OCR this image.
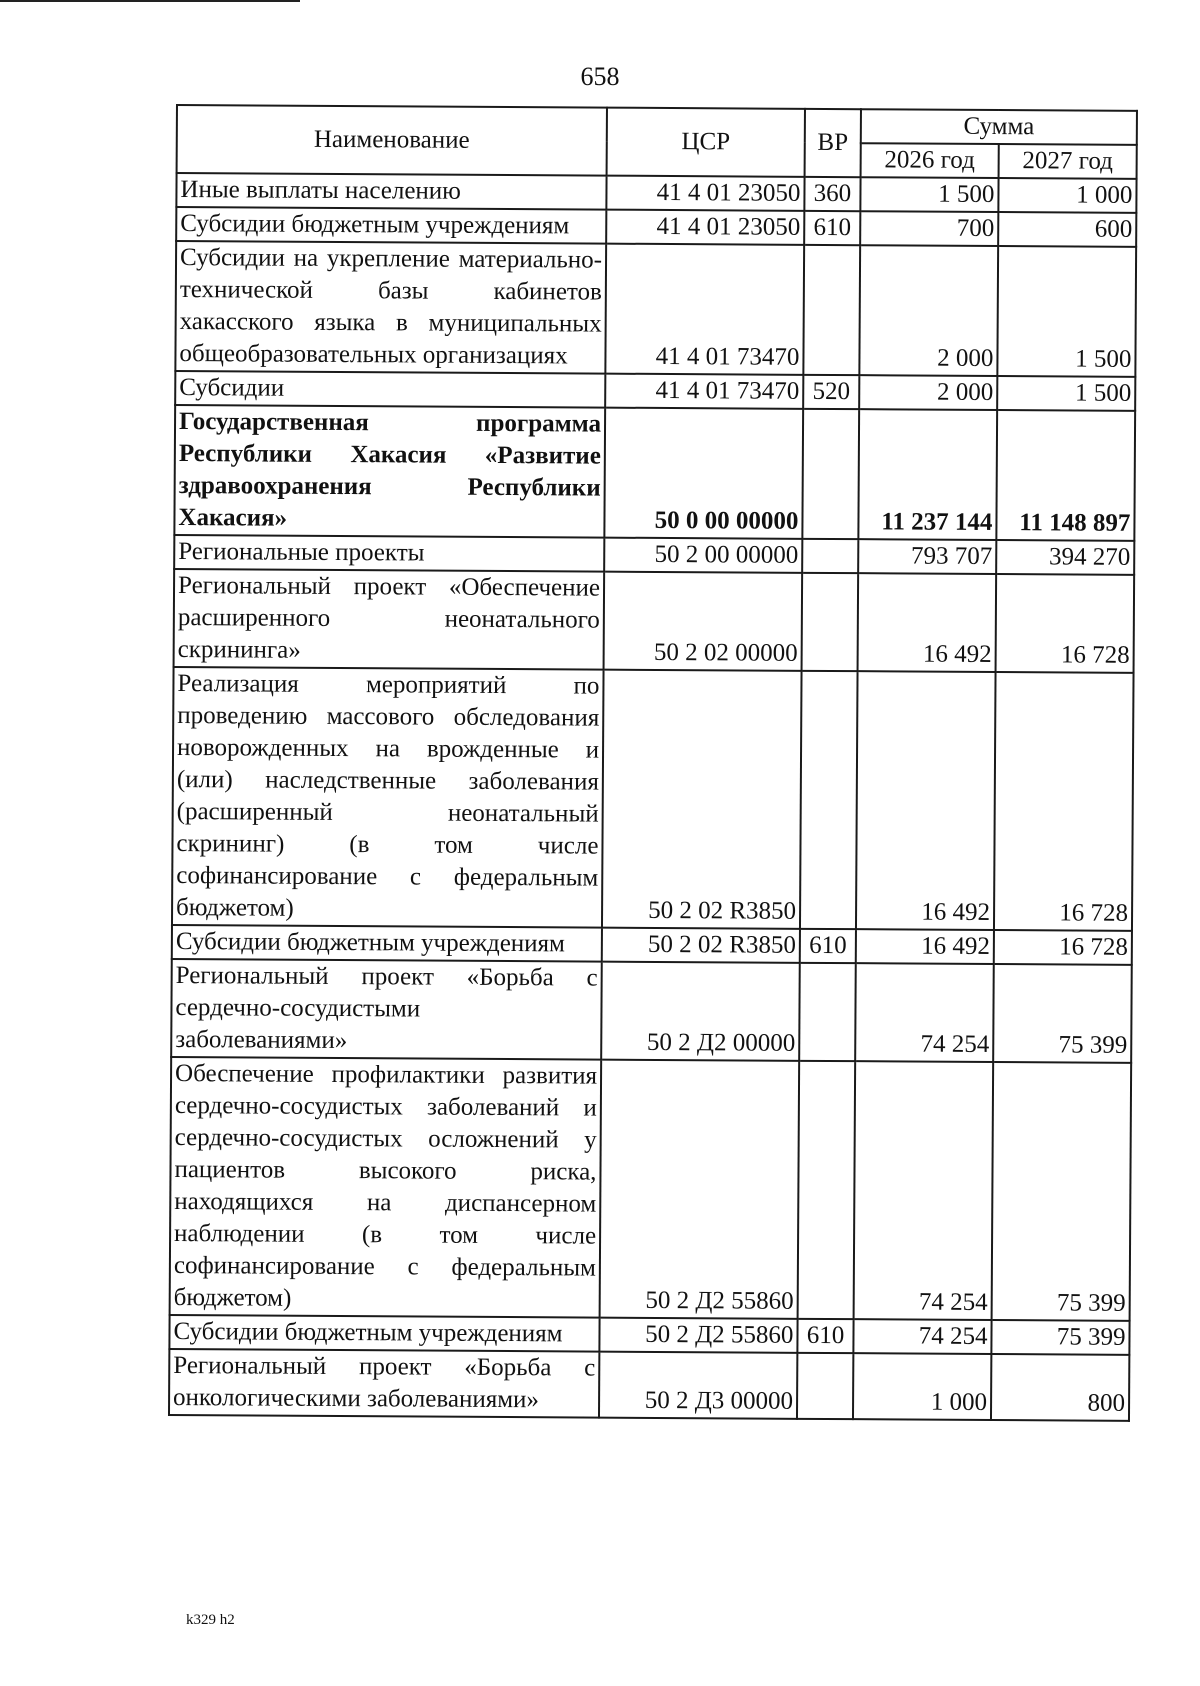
658
Наименование	ЦСР	ВР	Сумма	
			2026 год	2027 год
Иные выплаты населению	41 4 01 23050	360	1 500	1 000
Субсидии бюджетным учреждениям	41 4 01 23050	610	700	600
Субсидии на укрепление материально-технической базы кабинетов хакасского языка в муниципальных общеобразовательных организациях	41 4 01 73470		2 000	1 500
Субсидии	41 4 01 73470	520	2 000	1 500
Государственная программа Республики Хакасия «Развитие здравоохранения Республики Хакасия»	50 0 00 00000		11 237 144	11 148 897
Региональные проекты	50 2 00 00000		793 707	394 270
Региональный проект «Обеспечение расширенного неонатального скрининга»	50 2 02 00000		16 492	16 728
Реализация мероприятий по проведению массового обследования новорожденных на врожденные и (или) наследственные заболевания (расширенный неонатальный скрининг) (в том числе софинансирование с федеральным бюджетом)	50 2 02 R3850		16 492	16 728
Субсидии бюджетным учреждениям	50 2 02 R3850	610	16 492	16 728
Региональный проект «Борьба с сердечно-сосудистыми заболеваниями»	50 2 Д2 00000		74 254	75 399
Обеспечение профилактики развития сердечно-сосудистых заболеваний и сердечно-сосудистых осложнений у пациентов высокого риска, находящихся на диспансерном наблюдении (в том числе софинансирование с федеральным бюджетом)	50 2 Д2 55860		74 254	75 399
Субсидии бюджетным учреждениям	50 2 Д2 55860	610	74 254	75 399
Региональный проект «Борьба с онкологическими заболеваниями»	50 2 Д3 00000		1 000	800
k329 h2
